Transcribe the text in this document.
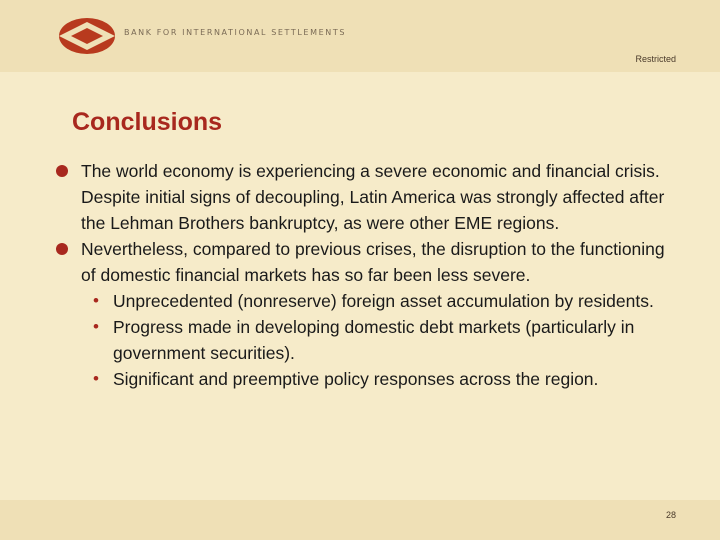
BANK FOR INTERNATIONAL SETTLEMENTS
Restricted
Conclusions
The world economy is experiencing a severe economic and financial crisis. Despite initial signs of decoupling, Latin America was strongly affected after the Lehman Brothers bankruptcy, as were other EME regions.
Nevertheless, compared to previous crises, the disruption to the functioning of domestic financial markets has so far been less severe.
• Unprecedented (nonreserve) foreign asset accumulation by residents.
• Progress made in developing domestic debt markets (particularly in government securities).
• Significant and preemptive policy responses across the region.
28
